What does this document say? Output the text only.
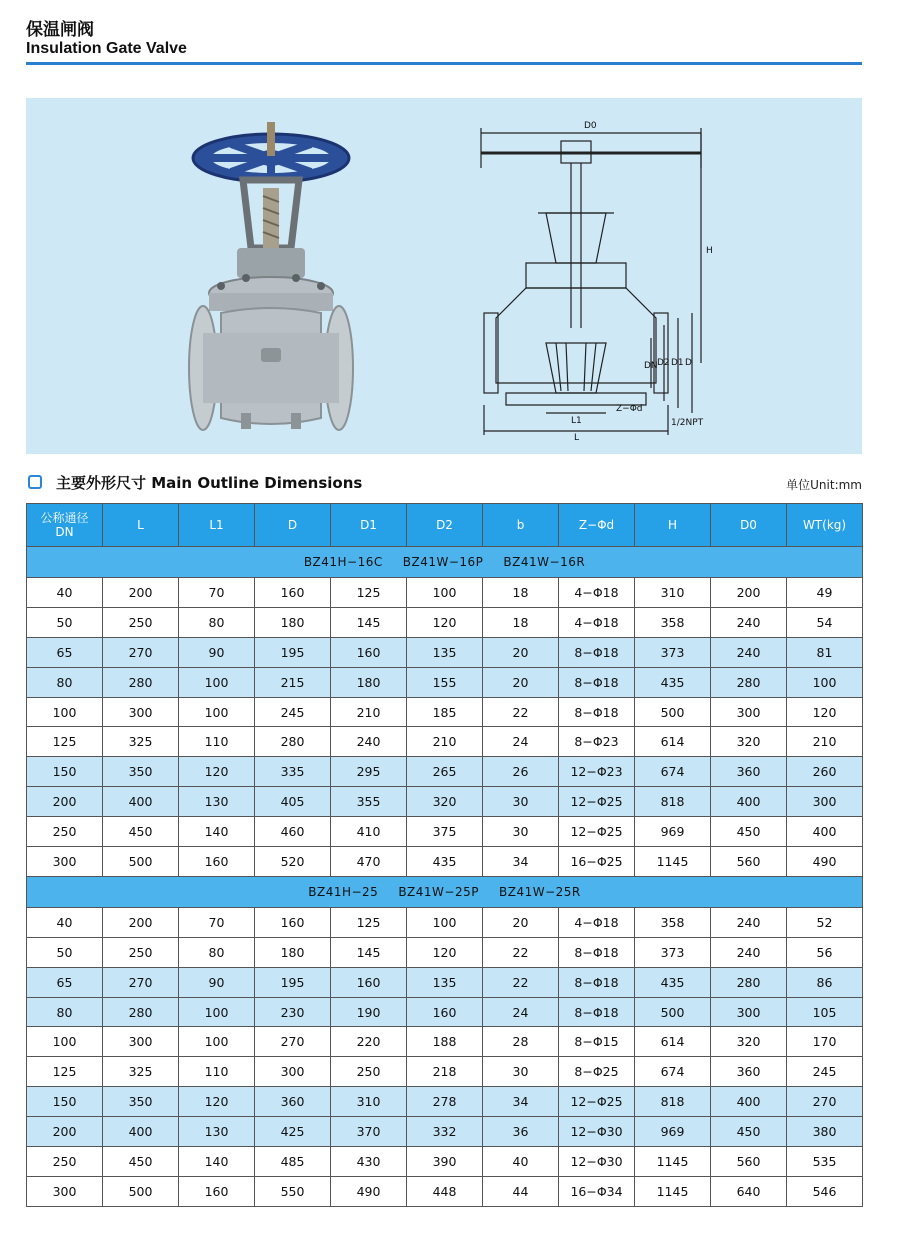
保温闸阀
Insulation Gate Valve
D0
H
DN D2 D1 D
Z−Φd
L1
L
1/2NPT
主要外形尺寸 Main Outline Dimensions	单位Unit:mm
公称通径
DN	L	L1	D	D1	D2	b	Z−Φd	H	D0	WT(kg)
BZ41H−16C BZ41W−16P BZ41W−16R										
40	200	70	160	125	100	18	4−Φ18	310	200	49
50	250	80	180	145	120	18	4−Φ18	358	240	54
65	270	90	195	160	135	20	8−Φ18	373	240	81
80	280	100	215	180	155	20	8−Φ18	435	280	100
100	300	100	245	210	185	22	8−Φ18	500	300	120
125	325	110	280	240	210	24	8−Φ23	614	320	210
150	350	120	335	295	265	26	12−Φ23	674	360	260
200	400	130	405	355	320	30	12−Φ25	818	400	300
250	450	140	460	410	375	30	12−Φ25	969	450	400
300	500	160	520	470	435	34	16−Φ25	1145	560	490
BZ41H−25 BZ41W−25P BZ41W−25R										
40	200	70	160	125	100	20	4−Φ18	358	240	52
50	250	80	180	145	120	22	8−Φ18	373	240	56
65	270	90	195	160	135	22	8−Φ18	435	280	86
80	280	100	230	190	160	24	8−Φ18	500	300	105
100	300	100	270	220	188	28	8−Φ15	614	320	170
125	325	110	300	250	218	30	8−Φ25	674	360	245
150	350	120	360	310	278	34	12−Φ25	818	400	270
200	400	130	425	370	332	36	12−Φ30	969	450	380
250	450	140	485	430	390	40	12−Φ30	1145	560	535
300	500	160	550	490	448	44	16−Φ34	1145	640	546
